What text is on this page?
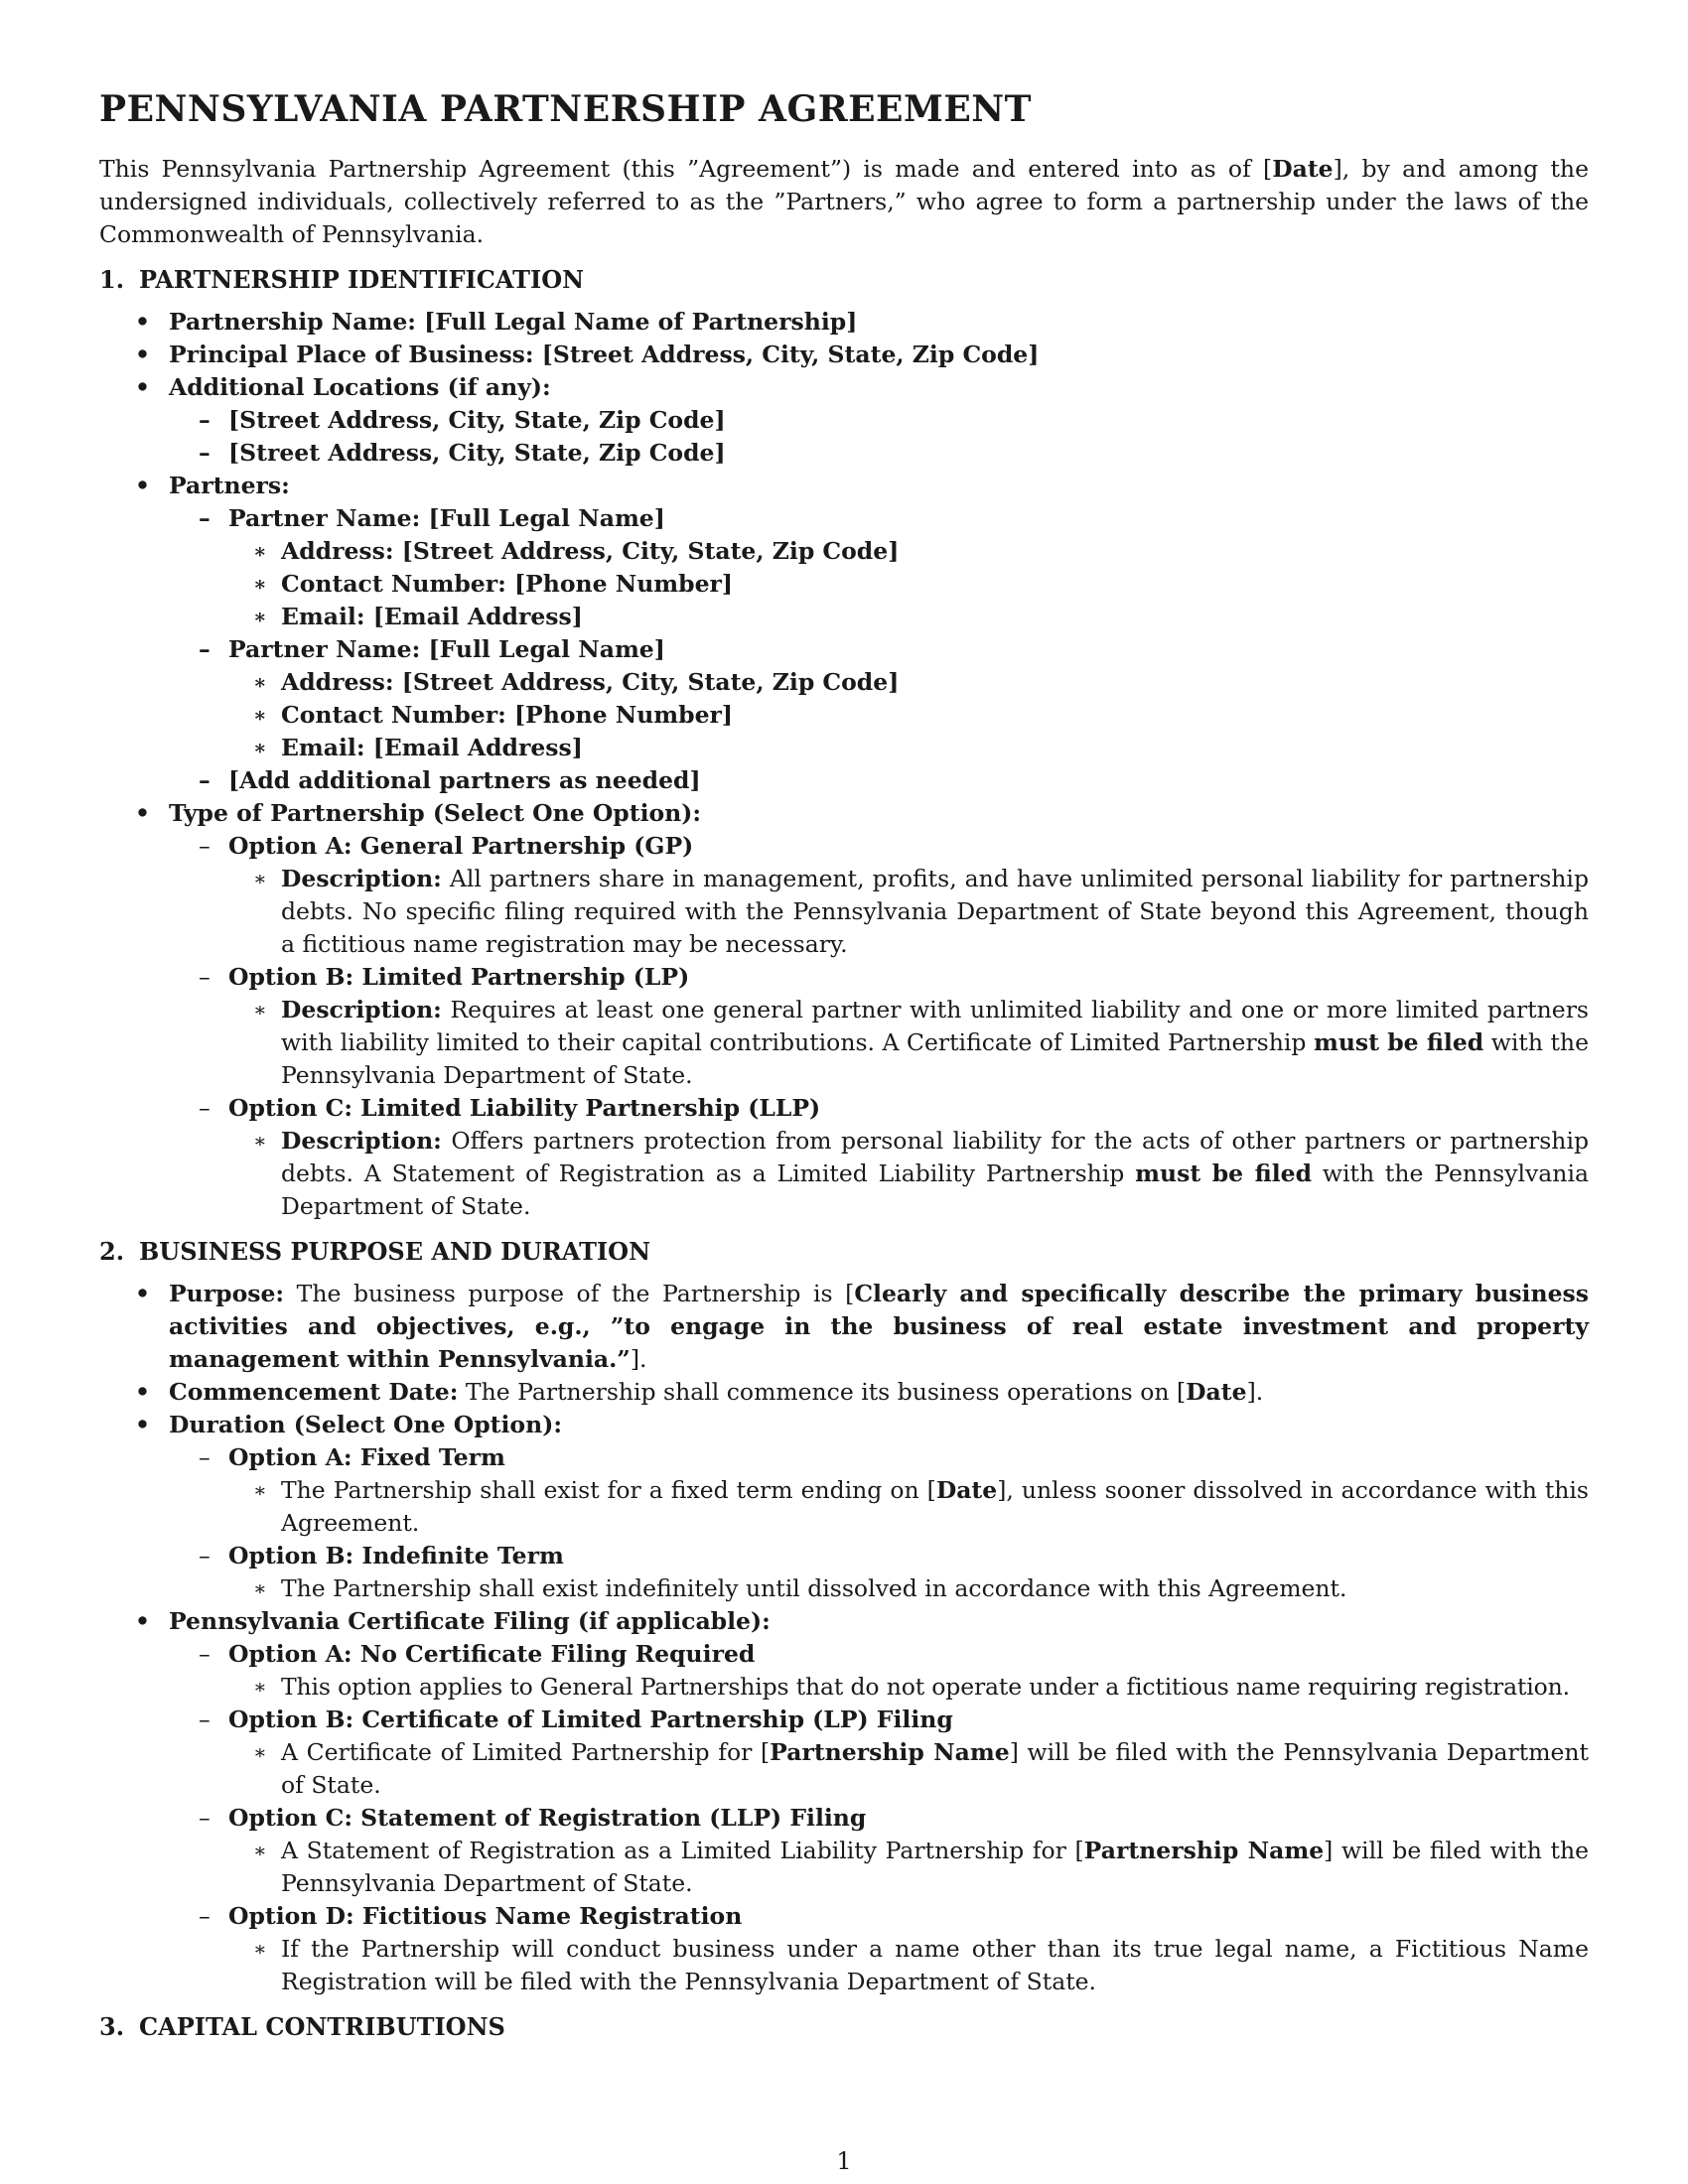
PENNSYLVANIA PARTNERSHIP AGREEMENT

This Pennsylvania Partnership Agreement (this ”Agreement”) is made and entered into as of [Date], by and among the undersigned individuals, collectively referred to as the ”Partners,” who agree to form a partnership under the laws of the Commonwealth of Pennsylvania.

1. PARTNERSHIP IDENTIFICATION
• Partnership Name: [Full Legal Name of Partnership]
• Principal Place of Business: [Street Address, City, State, Zip Code]
• Additional Locations (if any):
– [Street Address, City, State, Zip Code]
– [Street Address, City, State, Zip Code]
• Partners:
– Partner Name: [Full Legal Name]
∗ Address: [Street Address, City, State, Zip Code]
∗ Contact Number: [Phone Number]
∗ Email: [Email Address]
– Partner Name: [Full Legal Name]
∗ Address: [Street Address, City, State, Zip Code]
∗ Contact Number: [Phone Number]
∗ Email: [Email Address]
– [Add additional partners as needed]
• Type of Partnership (Select One Option):
– Option A: General Partnership (GP)
∗ Description: All partners share in management, profits, and have unlimited personal liability for partnership debts. No specific filing required with the Pennsylvania Department of State beyond this Agreement, though a fictitious name registration may be necessary.
– Option B: Limited Partnership (LP)
∗ Description: Requires at least one general partner with unlimited liability and one or more limited partners with liability limited to their capital contributions. A Certificate of Limited Partnership must be filed with the Pennsylvania Department of State.
– Option C: Limited Liability Partnership (LLP)
∗ Description: Offers partners protection from personal liability for the acts of other partners or partnership debts. A Statement of Registration as a Limited Liability Partnership must be filed with the Pennsylvania Department of State.
2. BUSINESS PURPOSE AND DURATION
• Purpose: The business purpose of the Partnership is [Clearly and specifically describe the primary business activities and objectives, e.g., ”to engage in the business of real estate investment and property management within Pennsylvania.”].
• Commencement Date: The Partnership shall commence its business operations on [Date].
• Duration (Select One Option):
– Option A: Fixed Term
∗ The Partnership shall exist for a fixed term ending on [Date], unless sooner dissolved in accordance with this Agreement.
– Option B: Indefinite Term
∗ The Partnership shall exist indefinitely until dissolved in accordance with this Agreement.
• Pennsylvania Certificate Filing (if applicable):
– Option A: No Certificate Filing Required
∗ This option applies to General Partnerships that do not operate under a fictitious name requiring registration.
– Option B: Certificate of Limited Partnership (LP) Filing
∗ A Certificate of Limited Partnership for [Partnership Name] will be filed with the Pennsylvania Department of State.
– Option C: Statement of Registration (LLP) Filing
∗ A Statement of Registration as a Limited Liability Partnership for [Partnership Name] will be filed with the Pennsylvania Department of State.
– Option D: Fictitious Name Registration
∗ If the Partnership will conduct business under a name other than its true legal name, a Fictitious Name Registration will be filed with the Pennsylvania Department of State.
3. CAPITAL CONTRIBUTIONS
1
